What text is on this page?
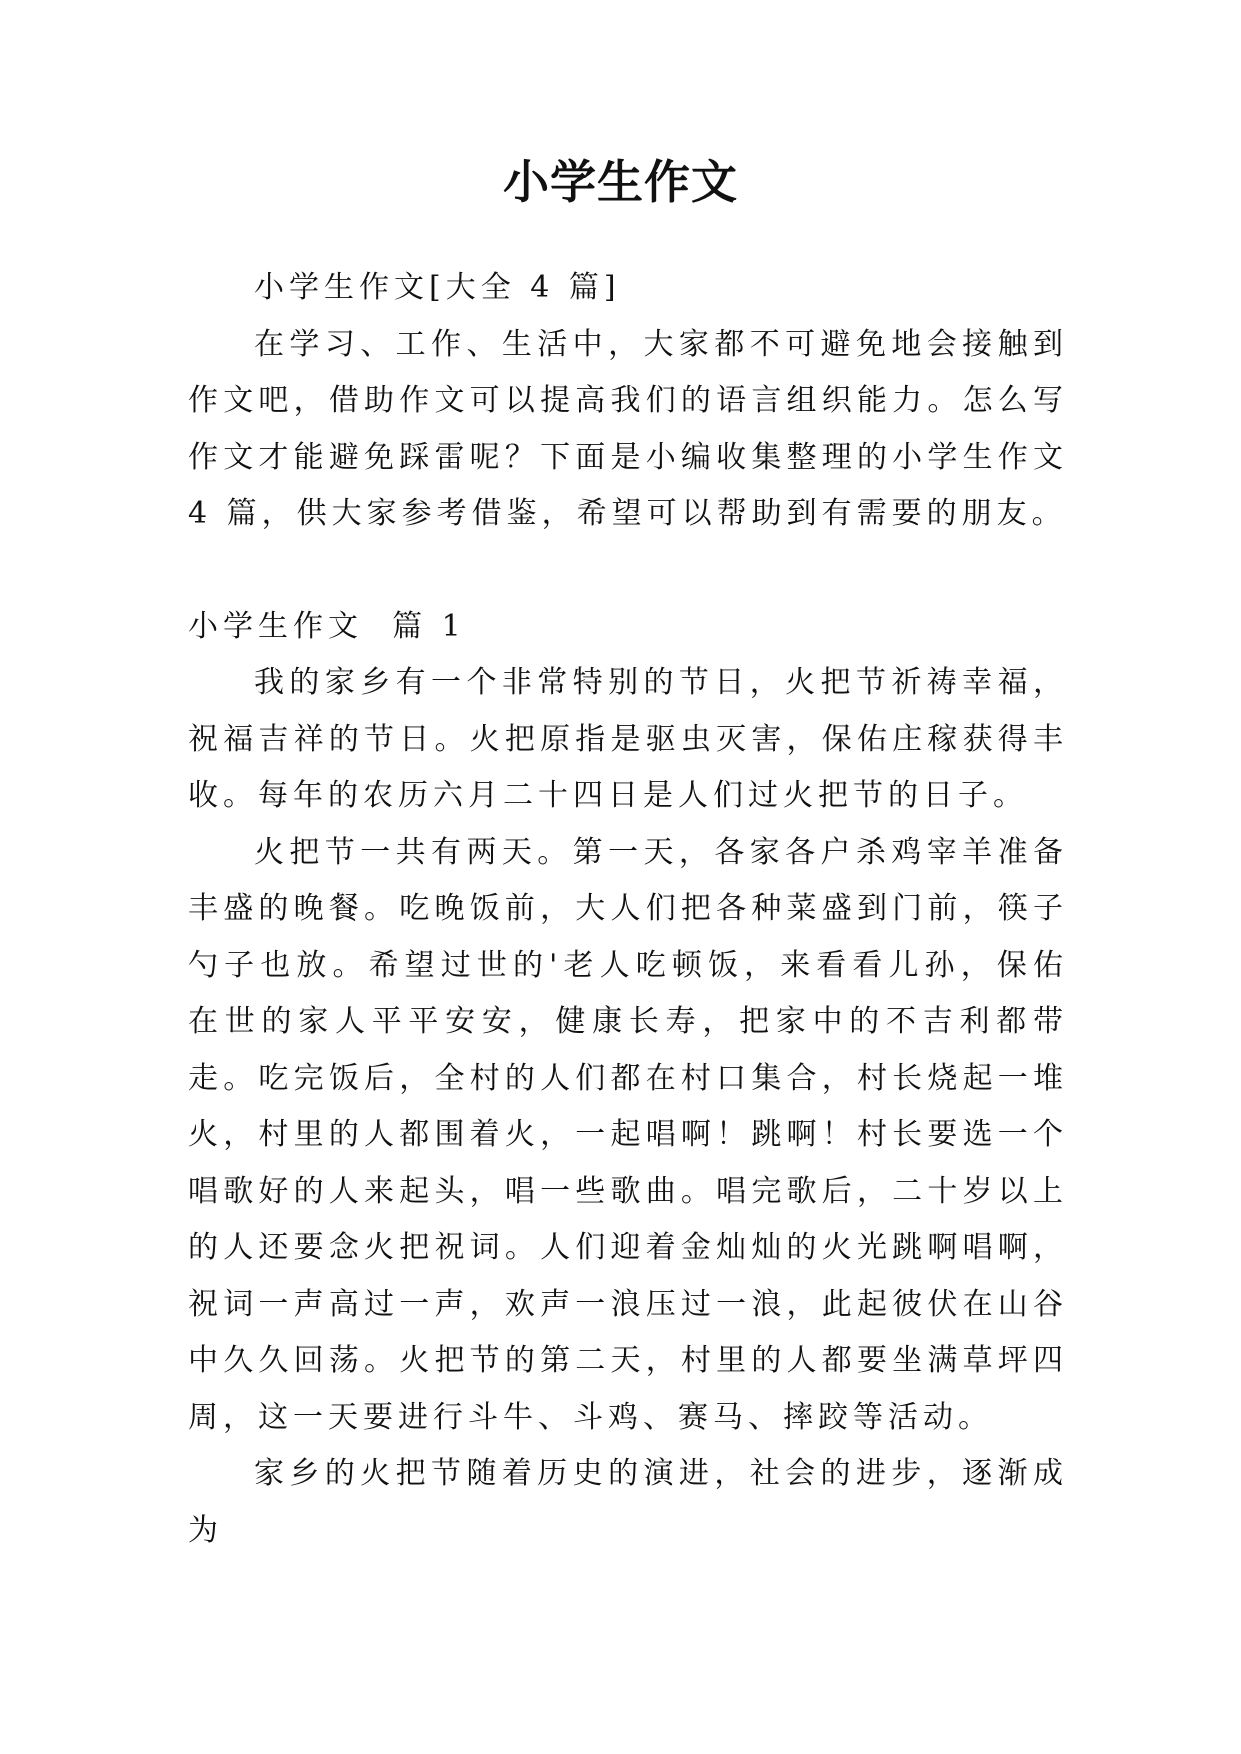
小学生作文

小学生作文[大全 4 篇]

在学习、工作、生活中，大家都不可避免地会接触到作文吧，借助作文可以提高我们的语言组织能力。怎么写作文才能避免踩雷呢？下面是小编收集整理的小学生作文 4 篇，供大家参考借鉴，希望可以帮助到有需要的朋友。

小学生作文  篇 1

我的家乡有一个非常特别的节日，火把节祈祷幸福，祝福吉祥的节日。火把原指是驱虫灭害，保佑庄稼获得丰收。每年的农历六月二十四日是人们过火把节的日子。

火把节一共有两天。第一天，各家各户杀鸡宰羊准备丰盛的晚餐。吃晚饭前，大人们把各种菜盛到门前，筷子勺子也放。希望过世的'老人吃顿饭，来看看儿孙，保佑在世的家人平平安安，健康长寿，把家中的不吉利都带走。吃完饭后，全村的人们都在村口集合，村长烧起一堆火，村里的人都围着火，一起唱啊！跳啊！村长要选一个唱歌好的人来起头，唱一些歌曲。唱完歌后，二十岁以上的人还要念火把祝词。人们迎着金灿灿的火光跳啊唱啊，祝词一声高过一声，欢声一浪压过一浪，此起彼伏在山谷中久久回荡。火把节的第二天，村里的人都要坐满草坪四周，这一天要进行斗牛、斗鸡、赛马、摔跤等活动。

家乡的火把节随着历史的演进，社会的进步，逐渐成为
